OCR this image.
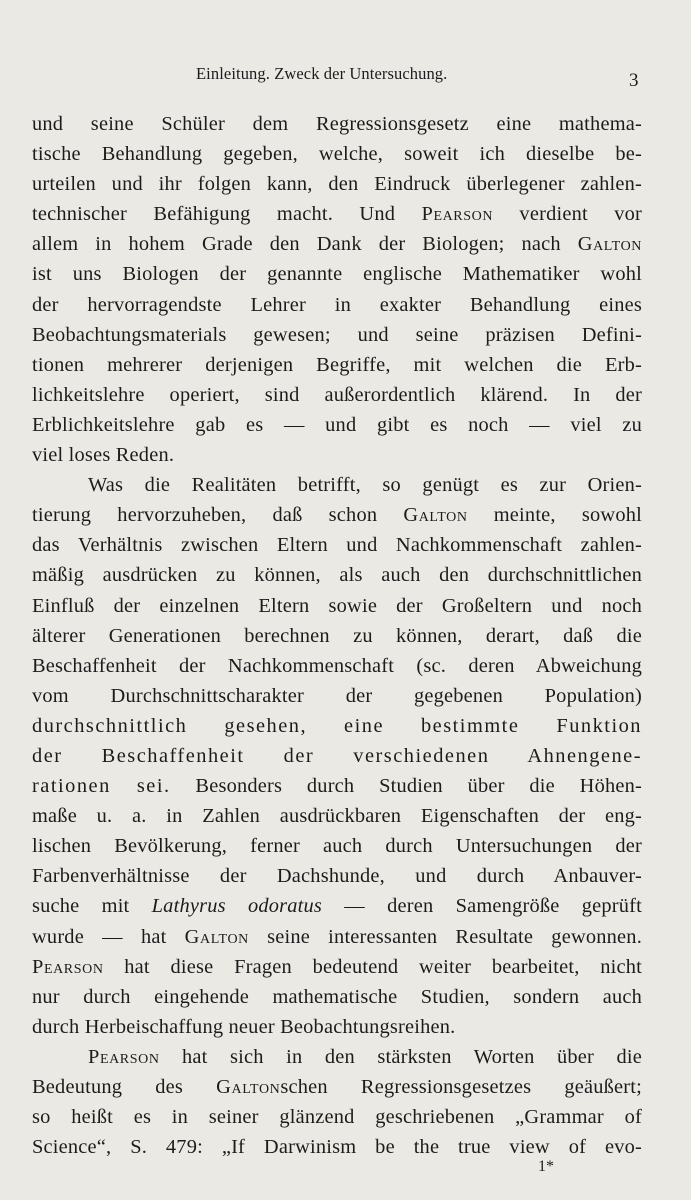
Einleitung. Zweck der Untersuchung.	3
und seine Schüler dem Regressionsgesetz eine mathema-
tische Behandlung gegeben, welche, soweit ich dieselbe be-
urteilen und ihr folgen kann, den Eindruck überlegener zahlen-
technischer Befähigung macht. Und Pearson verdient vor
allem in hohem Grade den Dank der Biologen; nach Galton
ist uns Biologen der genannte englische Mathematiker wohl
der hervorragendste Lehrer in exakter Behandlung eines
Beobachtungsmaterials gewesen; und seine präzisen Defini-
tionen mehrerer derjenigen Begriffe, mit welchen die Erb-
lichkeitslehre operiert, sind außerordentlich klärend. In der
Erblichkeitslehre gab es — und gibt es noch — viel zu
viel loses Reden.
Was die Realitäten betrifft, so genügt es zur Orien-
tierung hervorzuheben, daß schon Galton meinte, sowohl
das Verhältnis zwischen Eltern und Nachkommenschaft zahlen-
mäßig ausdrücken zu können, als auch den durchschnittlichen
Einfluß der einzelnen Eltern sowie der Großeltern und noch
älterer Generationen berechnen zu können, derart, daß die
Beschaffenheit der Nachkommenschaft (sc. deren Abweichung
vom Durchschnittscharakter der gegebenen Population)
durchschnittlich gesehen, eine bestimmte Funktion
der Beschaffenheit der verschiedenen Ahnengene-
rationen sei. Besonders durch Studien über die Höhen-
maße u. a. in Zahlen ausdrückbaren Eigenschaften der eng-
lischen Bevölkerung, ferner auch durch Untersuchungen der
Farbenverhältnisse der Dachshunde, und durch Anbauver-
suche mit Lathyrus odoratus — deren Samengröße geprüft
wurde — hat Galton seine interessanten Resultate gewonnen.
Pearson hat diese Fragen bedeutend weiter bearbeitet, nicht
nur durch eingehende mathematische Studien, sondern auch
durch Herbeischaffung neuer Beobachtungsreihen.
Pearson hat sich in den stärksten Worten über die
Bedeutung des Galtonschen Regressionsgesetzes geäußert;
so heißt es in seiner glänzend geschriebenen „Grammar of
Science“, S. 479: „If Darwinism be the true view of evo-
1*
